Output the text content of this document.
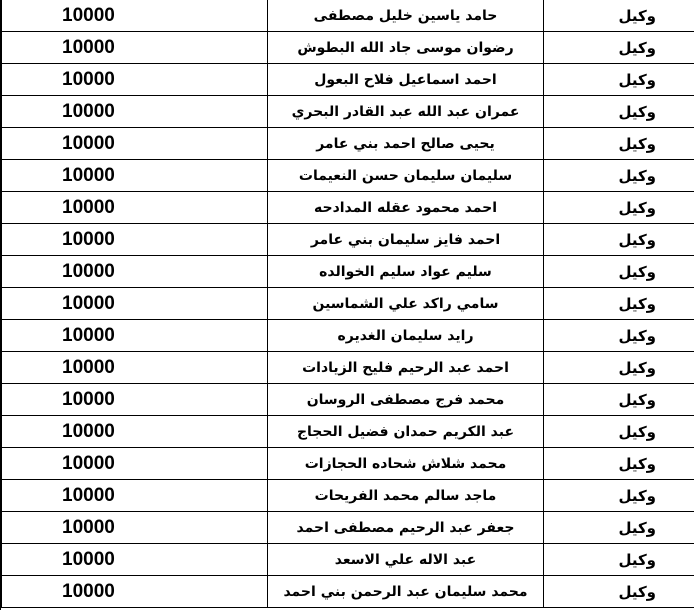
10000	حامد ياسين خليل مصطفى	وكيل
10000	رضوان موسى جاد الله البطوش	وكيل
10000	احمد اسماعيل فلاح البعول	وكيل
10000	عمران عبد الله عبد القادر البحري	وكيل
10000	يحيى صالح احمد بني عامر	وكيل
10000	سليمان سليمان حسن النعيمات	وكيل
10000	احمد محمود عقله المدادحه	وكيل
10000	احمد فايز سليمان بني عامر	وكيل
10000	سليم عواد سليم الخوالده	وكيل
10000	سامي راكد علي الشماسين	وكيل
10000	رايد سليمان الغديره	وكيل
10000	احمد عبد الرحيم فليح الزيادات	وكيل
10000	محمد فرج مصطفى الروسان	وكيل
10000	عبد الكريم حمدان فضيل الحجاج	وكيل
10000	محمد شلاش شحاده الحجازات	وكيل
10000	ماجد سالم محمد الفريحات	وكيل
10000	جعفر عبد الرحيم مصطفى احمد	وكيل
10000	عبد الاله علي الاسعد	وكيل
10000	محمد سليمان عبد الرحمن بني احمد	وكيل
